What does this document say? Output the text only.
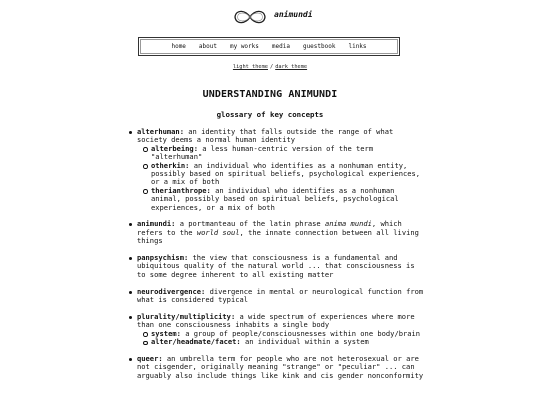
animundi
home	about	my works	media	guestbook	links
light theme / dark theme
UNDERSTANDING ANIMUNDI
glossary of key concepts
alterhuman: an identity that falls outside the range of what society deems a normal human identity
alterbeing: a less human-centric version of the term "alterhuman"
otherkin: an individual who identifies as a nonhuman entity, possibly based on spiritual beliefs, psychological experiences, or a mix of both
therianthrope: an individual who identifies as a nonhuman animal, possibly based on spiritual beliefs, psychological experiences, or a mix of both
animundi: a portmanteau of the latin phrase anima mundi, which refers to the world soul, the innate connection between all living things
panpsychism: the view that consciousness is a fundamental and ubiquitous quality of the natural world ... that consciousness is to some degree inherent to all existing matter
neurodivergence: divergence in mental or neurological function from what is considered typical
plurality/multiplicity: a wide spectrum of experiences where more than one consciousness inhabits a single body
system: a group of people/consciousnesses within one body/brain
alter/headmate/facet: an individual within a system
queer: an umbrella term for people who are not heterosexual or are not cisgender, originally meaning "strange" or "peculiar" ... can arguably also include things like kink and cis gender nonconformity
